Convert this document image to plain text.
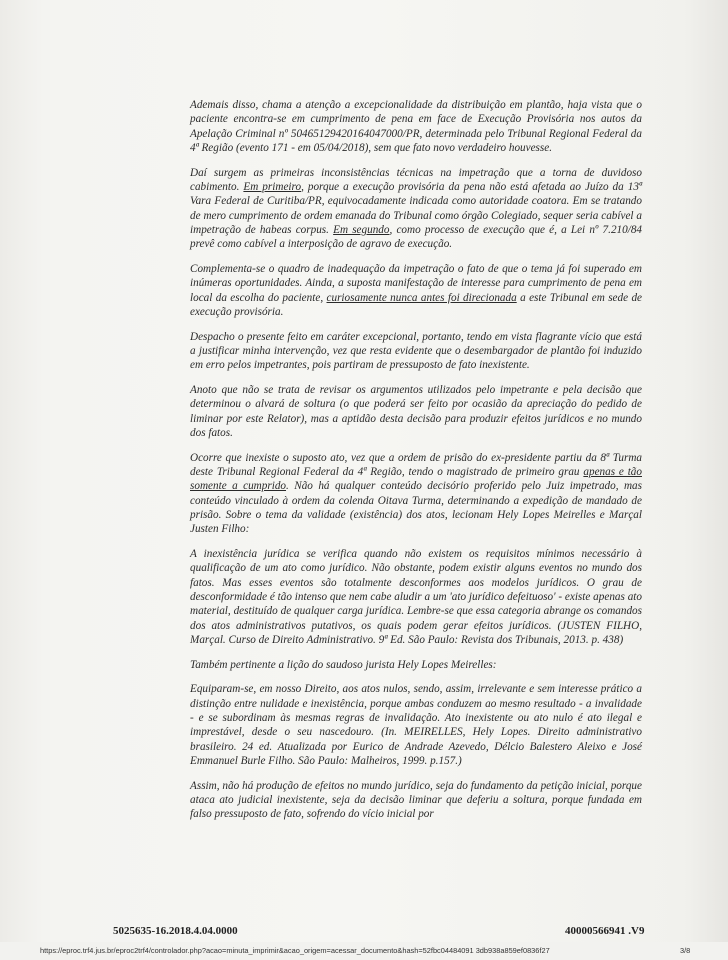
Ademais disso, chama a atenção a excepcionalidade da distribuição em plantão, haja vista que o paciente encontra-se em cumprimento de pena em face de Execução Provisória nos autos da Apelação Criminal nº 50465129420164047000/PR, determinada pelo Tribunal Regional Federal da 4ª Região (evento 171 - em 05/04/2018), sem que fato novo verdadeiro houvesse.

Daí surgem as primeiras inconsistências técnicas na impetração que a torna de duvidoso cabimento. Em primeiro, porque a execução provisória da pena não está afetada ao Juízo da 13ª Vara Federal de Curitiba/PR, equivocadamente indicada como autoridade coatora. Em se tratando de mero cumprimento de ordem emanada do Tribunal como órgão Colegiado, sequer seria cabível a impetração de habeas corpus. Em segundo, como processo de execução que é, a Lei nº 7.210/84 prevê como cabível a interposição de agravo de execução.

Complementa-se o quadro de inadequação da impetração o fato de que o tema já foi superado em inúmeras oportunidades. Ainda, a suposta manifestação de interesse para cumprimento de pena em local da escolha do paciente, curiosamente nunca antes foi direcionada a este Tribunal em sede de execução provisória.

Despacho o presente feito em caráter excepcional, portanto, tendo em vista flagrante vício que está a justificar minha intervenção, vez que resta evidente que o desembargador de plantão foi induzido em erro pelos impetrantes, pois partiram de pressuposto de fato inexistente.

Anoto que não se trata de revisar os argumentos utilizados pelo impetrante e pela decisão que determinou o alvará de soltura (o que poderá ser feito por ocasião da apreciação do pedido de liminar por este Relator), mas a aptidão desta decisão para produzir efeitos jurídicos e no mundo dos fatos.

Ocorre que inexiste o suposto ato, vez que a ordem de prisão do ex-presidente partiu da 8ª Turma deste Tribunal Regional Federal da 4ª Região, tendo o magistrado de primeiro grau apenas e tão somente a cumprido. Não há qualquer conteúdo decisório proferido pelo Juiz impetrado, mas conteúdo vinculado à ordem da colenda Oitava Turma, determinando a expedição de mandado de prisão. Sobre o tema da validade (existência) dos atos, lecionam Hely Lopes Meirelles e Marçal Justen Filho:

A inexistência jurídica se verifica quando não existem os requisitos mínimos necessário à qualificação de um ato como jurídico. Não obstante, podem existir alguns eventos no mundo dos fatos. Mas esses eventos são totalmente desconformes aos modelos jurídicos. O grau de desconformidade é tão intenso que nem cabe aludir a um 'ato jurídico defeituoso' - existe apenas ato material, destituído de qualquer carga jurídica. Lembre-se que essa categoria abrange os comandos dos atos administrativos putativos, os quais podem gerar efeitos jurídicos. (JUSTEN FILHO, Marçal. Curso de Direito Administrativo. 9ª Ed. São Paulo: Revista dos Tribunais, 2013. p. 438)

Também pertinente a lição do saudoso jurista Hely Lopes Meirelles:

Equiparam-se, em nosso Direito, aos atos nulos, sendo, assim, irrelevante e sem interesse prático a distinção entre nulidade e inexistência, porque ambas conduzem ao mesmo resultado - a invalidade - e se subordinam às mesmas regras de invalidação. Ato inexistente ou ato nulo é ato ilegal e imprestável, desde o seu nascedouro. (In. MEIRELLES, Hely Lopes. Direito administrativo brasileiro. 24 ed. Atualizada por Eurico de Andrade Azevedo, Délcio Balestero Aleixo e José Emmanuel Burle Filho. São Paulo: Malheiros, 1999. p.157.)

Assim, não há produção de efeitos no mundo jurídico, seja do fundamento da petição inicial, porque ataca ato judicial inexistente, seja da decisão liminar que deferiu a soltura, porque fundada em falso pressuposto de fato, sofrendo do vício inicial por

5025635-16.2018.4.04.0000	40000566941 .V9
https://eproc.trf4.jus.br/eproc2trf4/controlador.php?acao=minuta_imprimir&acao_origem=acessar_documento&hash=52fbc04484091 3db938a859ef0836f27	3/8
